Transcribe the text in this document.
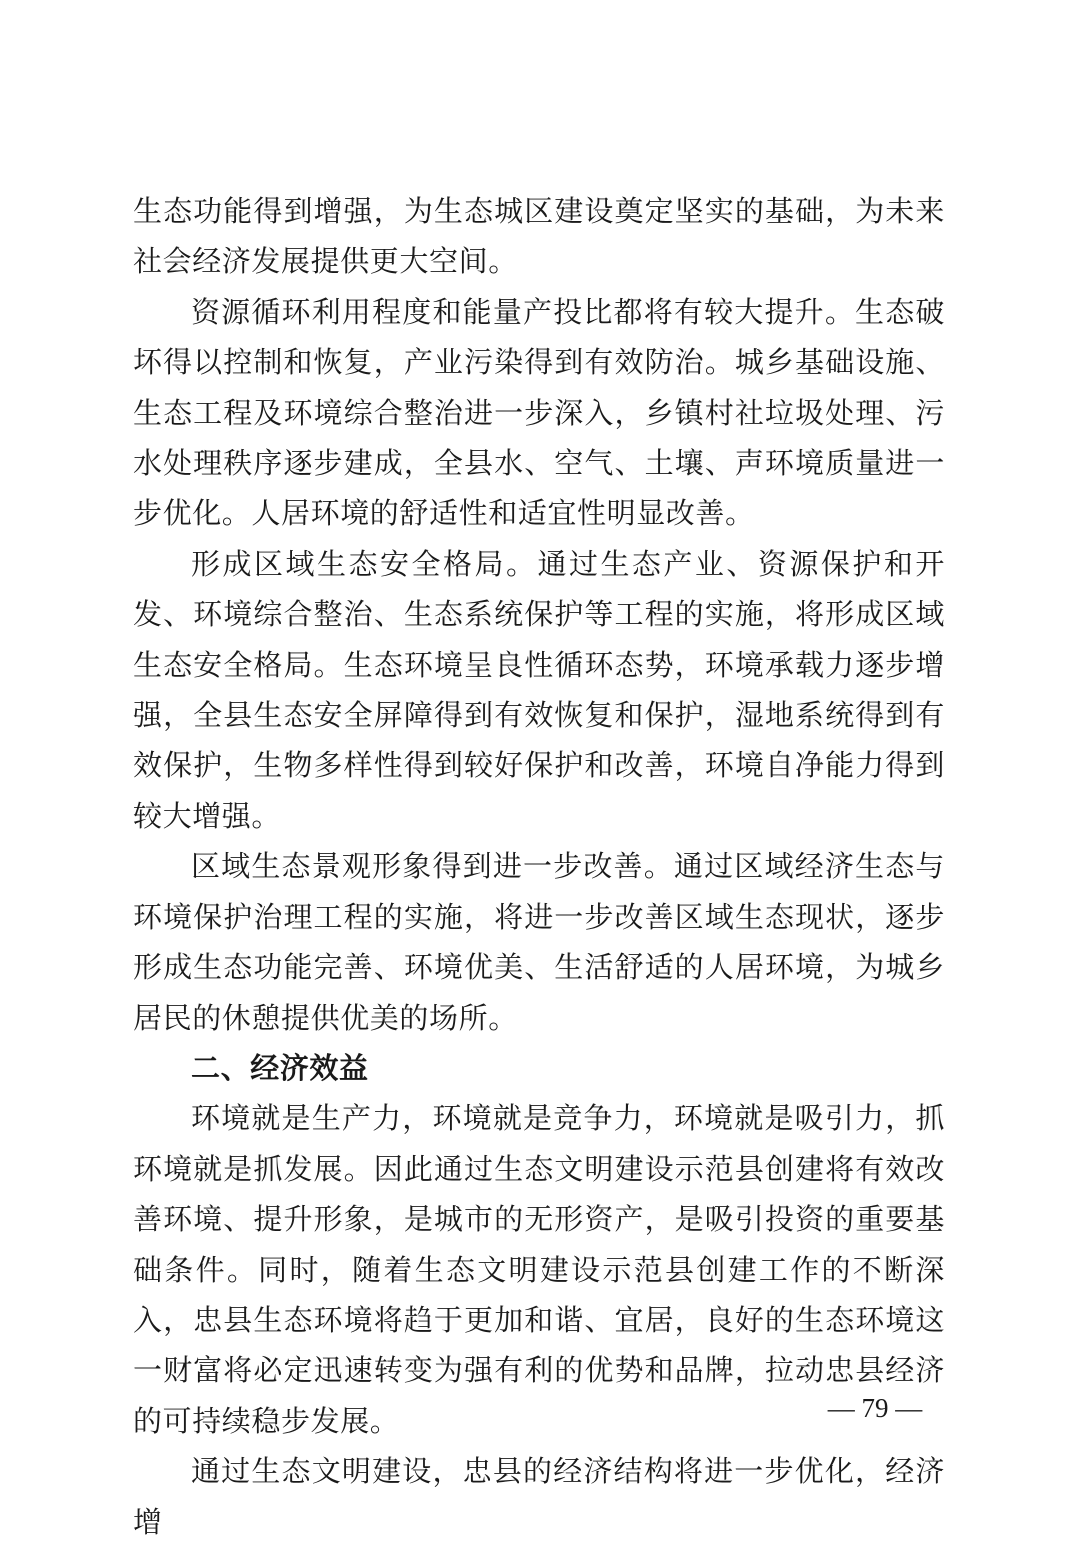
生态功能得到增强，为生态城区建设奠定坚实的基础，为未来社会经济发展提供更大空间。

资源循环利用程度和能量产投比都将有较大提升。生态破坏得以控制和恢复，产业污染得到有效防治。城乡基础设施、生态工程及环境综合整治进一步深入，乡镇村社垃圾处理、污水处理秩序逐步建成，全县水、空气、土壤、声环境质量进一步优化。人居环境的舒适性和适宜性明显改善。

形成区域生态安全格局。通过生态产业、资源保护和开发、环境综合整治、生态系统保护等工程的实施，将形成区域生态安全格局。生态环境呈良性循环态势，环境承载力逐步增强，全县生态安全屏障得到有效恢复和保护，湿地系统得到有效保护，生物多样性得到较好保护和改善，环境自净能力得到较大增强。

区域生态景观形象得到进一步改善。通过区域经济生态与环境保护治理工程的实施，将进一步改善区域生态现状，逐步形成生态功能完善、环境优美、生活舒适的人居环境，为城乡居民的休憩提供优美的场所。

二、经济效益

环境就是生产力，环境就是竞争力，环境就是吸引力，抓环境就是抓发展。因此通过生态文明建设示范县创建将有效改善环境、提升形象，是城市的无形资产，是吸引投资的重要基础条件。同时，随着生态文明建设示范县创建工作的不断深入，忠县生态环境将趋于更加和谐、宜居，良好的生态环境这一财富将必定迅速转变为强有利的优势和品牌，拉动忠县经济的可持续稳步发展。

通过生态文明建设，忠县的经济结构将进一步优化，经济增

— 79 —
